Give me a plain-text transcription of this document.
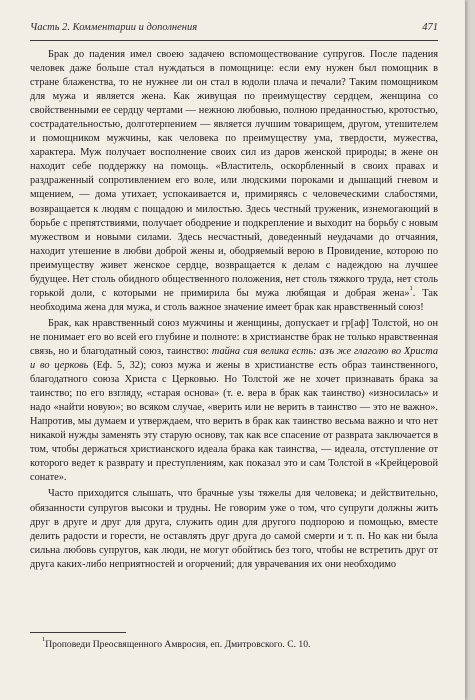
Часть 2. Комментарии и дополнения	471

Брак до падения имел своею задачею вспомоществование супругов. После падения человек даже больше стал нуждаться в помощнице: если ему нужен был помощник в стране блаженства, то не нужнее ли он стал в юдоли плача и печали? Таким помощником для мужа и является жена. Как живущая по преимуществу сердцем, женщина со свойственными ее сердцу чертами — нежною любовью, полною преданностью, кротостью, сострадательностью, долготерпением — является лучшим товарищем, другом, утешителем и помощником мужчины, как человека по преимуществу ума, твердости, мужества, характера. Муж получает восполнение своих сил из даров женской природы; в жене он находит себе поддержку на помощь. «Властитель, оскорбленный в своих правах и раздраженный сопротивлением его воле, или людскими пороками и дышащий гневом и мщением, — дома утихает, успокаивается и, примиряясь с человеческими слабостями, возвращается к людям с пощадою и милостью. Здесь честный труженик, изнемогающий в борьбе с препятствиями, получает ободрение и подкрепление и выходит на борьбу с новым мужеством и новыми силами. Здесь несчастный, доведенный неудачами до отчаяния, находит утешение в любви доброй жены и, ободряемый верою в Провидение, которою по преимуществу живет женское сердце, возвращается к делам с надеждою на лучшее будущее. Нет столь обидного общественного положения, нет столь тяжкого труда, нет столь горькой доли, с которыми не примирила бы мужа любящая и добрая жена»$^1$. Так необходима жена для мужа, и столь важное значение имеет брак как нравственный союз!

Брак, как нравственный союз мужчины и женщины, допускает и гр[аф] Толстой, но он не понимает его во всей его глубине и полноте: в христианстве брак не только нравственная связь, но и благодатный союз, таинство: тайна сия велика есть: азъ же глаголю во Христа и во церковь (Еф. 5, 32); союз мужа и жены в христианстве есть образ таинственного, благодатного союза Христа с Церковью. Но Толстой же не хочет признавать брака за таинство; по его взгляду, «старая основа» (т. е. вера в брак как таинство) «износилась» и надо «найти новую»; во всяком случае, «верить или не верить в таинство — это не важно». Напротив, мы думаем и утверждаем, что верить в брак как таинство весьма важно и что нет никакой нужды заменять эту старую основу, так как все спасение от разврата заключается в том, чтобы держаться христианского идеала брака как таинства, — идеала, отступление от которого ведет к разврату и преступлениям, как показал это и сам Толстой в «Крейцеровой сонате».

Часто приходится слышать, что брачные узы тяжелы для человека; и действительно, обязанности супругов высоки и трудны. Не говорим уже о том, что супруги должны жить друг в друге и друг для друга, служить один для другого подпорою и помощью, вместе делить радости и горести, не оставлять друг друга до самой смерти и т. п. Но как ни была сильна любовь супругов, как люди, не могут обойтись без того, чтобы не встретить друг от друга каких-либо неприятностей и огорчений; для уврачевания их они необходимо

$^1$Проповеди Преосвященного Амвросия, еп. Дмитровского. С. 10.
